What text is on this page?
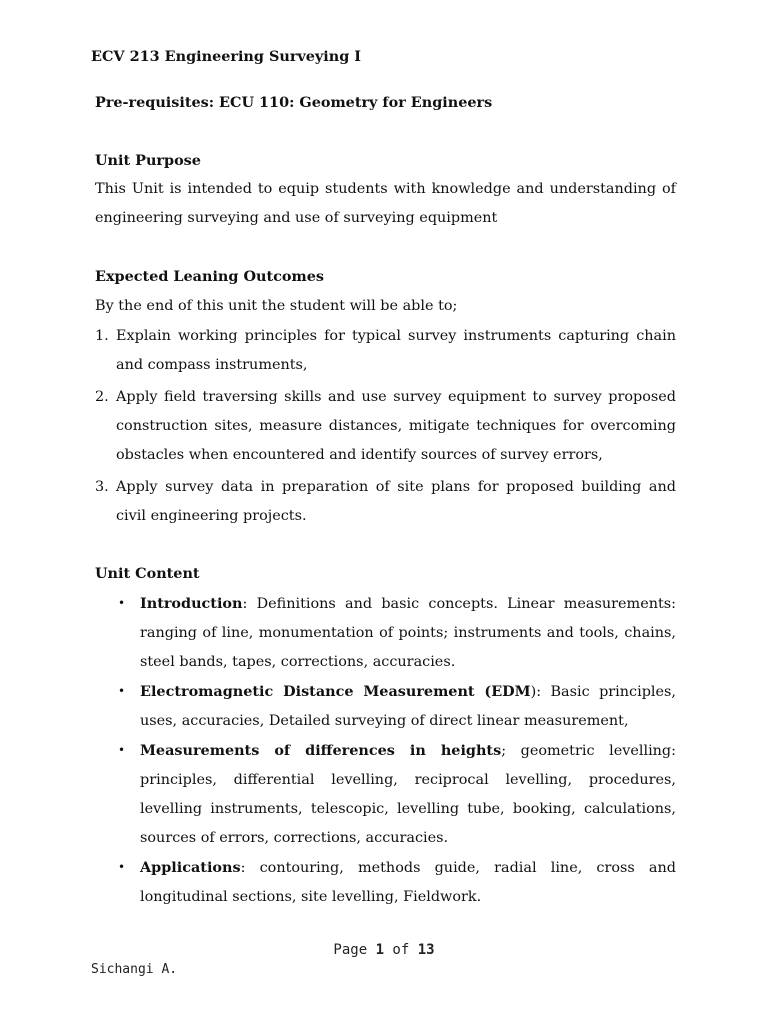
ECV 213 Engineering Surveying I
Pre-requisites: ECU 110: Geometry for Engineers
Unit Purpose
This Unit is intended to equip students with knowledge and understanding of engineering surveying and use of surveying equipment
Expected Leaning Outcomes
By the end of this unit the student will be able to;
1. Explain working principles for typical survey instruments capturing chain and compass instruments,
2. Apply field traversing skills and use survey equipment to survey proposed construction sites, measure distances, mitigate techniques for overcoming obstacles when encountered and identify sources of survey errors,
3. Apply survey data in preparation of site plans for proposed building and civil engineering projects.
Unit Content
• Introduction: Definitions and basic concepts. Linear measurements: ranging of line, monumentation of points; instruments and tools, chains, steel bands, tapes, corrections, accuracies.
• Electromagnetic Distance Measurement (EDM): Basic principles, uses, accuracies, Detailed surveying of direct linear measurement,
• Measurements of differences in heights; geometric levelling: principles, differential levelling, reciprocal levelling, procedures, levelling instruments, telescopic, levelling tube, booking, calculations, sources of errors, corrections, accuracies.
• Applications: contouring, methods guide, radial line, cross and longitudinal sections, site levelling, Fieldwork.
Page 1 of 13
Sichangi A.
